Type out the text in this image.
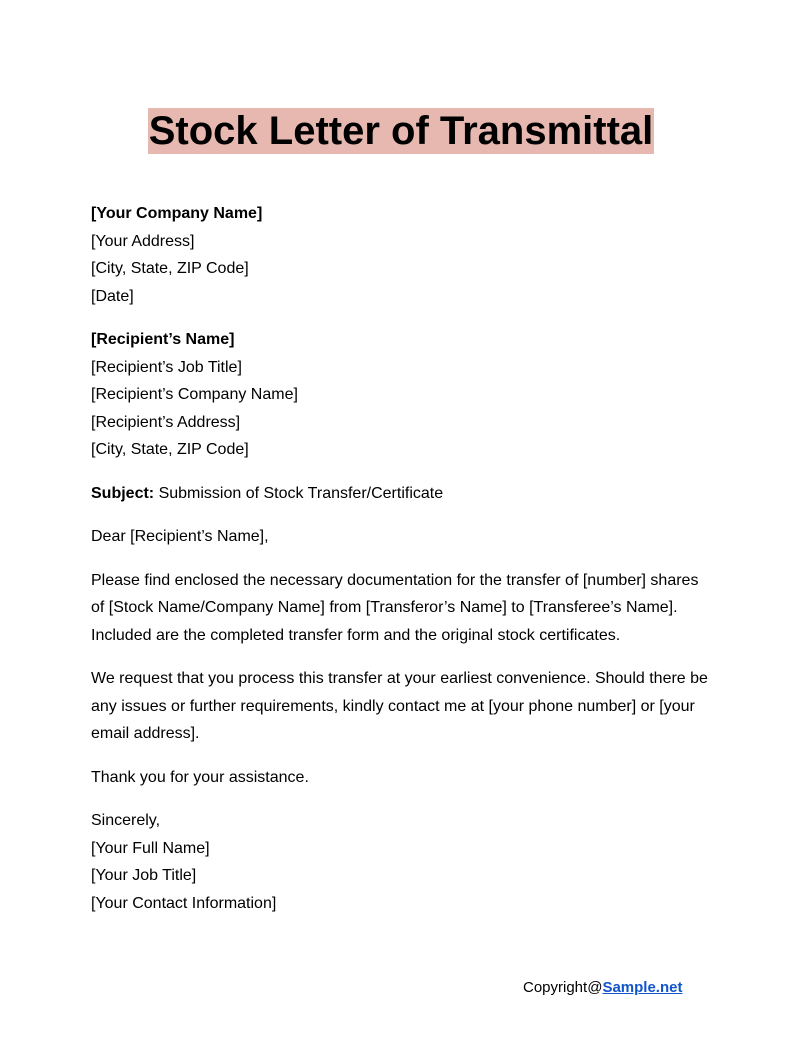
Stock Letter of Transmittal
[Your Company Name]
[Your Address]
[City, State, ZIP Code]
[Date]
[Recipient’s Name]
[Recipient’s Job Title]
[Recipient’s Company Name]
[Recipient’s Address]
[City, State, ZIP Code]
Subject: Submission of Stock Transfer/Certificate
Dear [Recipient’s Name],
Please find enclosed the necessary documentation for the transfer of [number] shares of [Stock Name/Company Name] from [Transferor’s Name] to [Transferee’s Name]. Included are the completed transfer form and the original stock certificates.
We request that you process this transfer at your earliest convenience. Should there be any issues or further requirements, kindly contact me at [your phone number] or [your email address].
Thank you for your assistance.
Sincerely,
[Your Full Name]
[Your Job Title]
[Your Contact Information]
Copyright@Sample.net
